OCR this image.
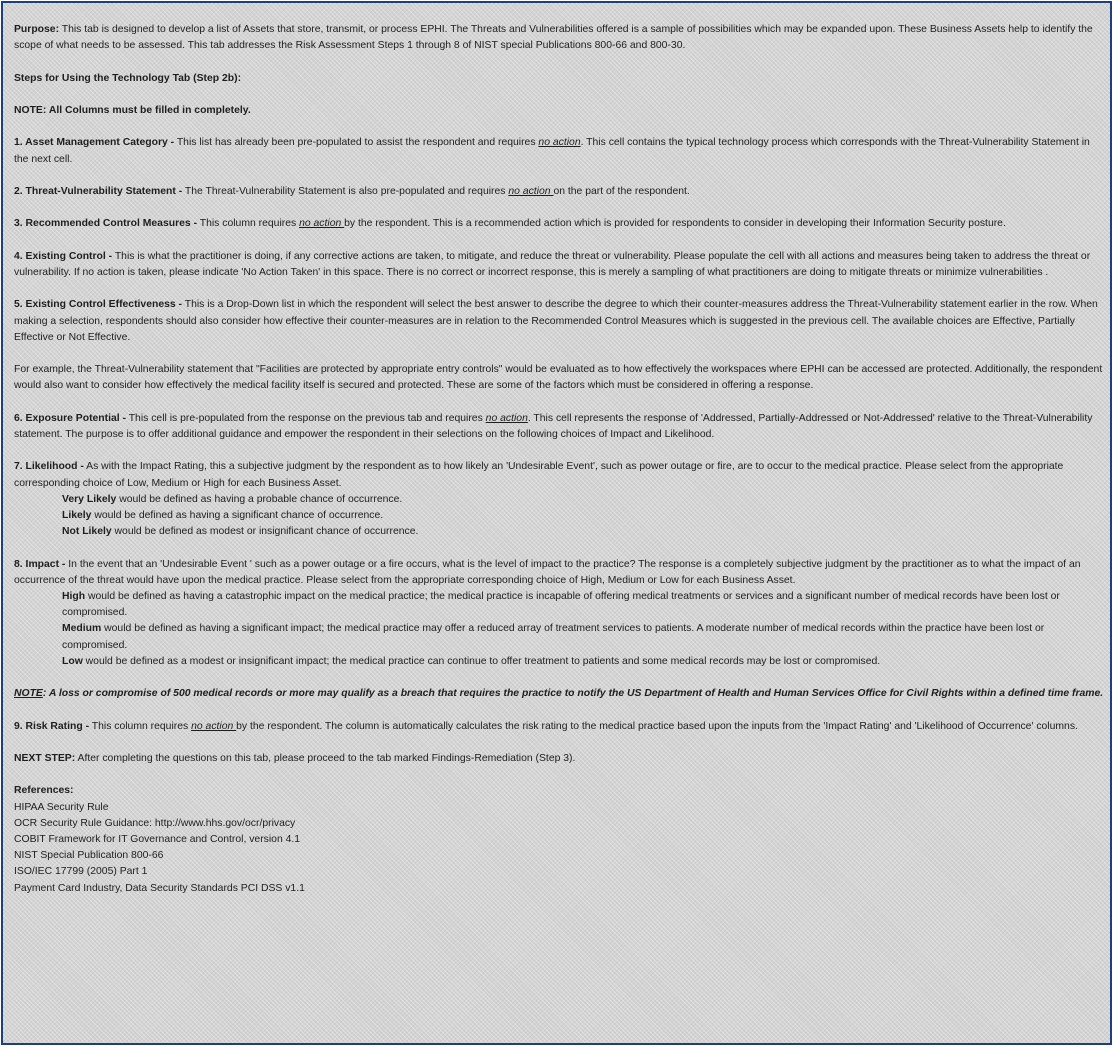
Purpose: This tab is designed to develop a list of Assets that store, transmit, or process EPHI. The Threats and Vulnerabilities offered is a sample of possibilities which may be expanded upon. These Business Assets help to identify the scope of what needs to be assessed. This tab addresses the Risk Assessment Steps 1 through 8 of NIST special Publications 800-66 and 800-30.

Steps for Using the Technology Tab (Step 2b):

NOTE: All Columns must be filled in completely.

1. Asset Management Category - This list has already been pre-populated to assist the respondent and requires no action. This cell contains the typical technology process which corresponds with the Threat-Vulnerability Statement in the next cell.

2. Threat-Vulnerability Statement - The Threat-Vulnerability Statement is also pre-populated and requires no action on the part of the respondent.

3. Recommended Control Measures - This column requires no action by the respondent. This is a recommended action which is provided for respondents to consider in developing their Information Security posture.

4. Existing Control - This is what the practitioner is doing, if any corrective actions are taken, to mitigate, and reduce the threat or vulnerability. Please populate the cell with all actions and measures being taken to address the threat or vulnerability. If no action is taken, please indicate 'No Action Taken' in this space. There is no correct or incorrect response, this is merely a sampling of what practitioners are doing to mitigate threats or minimize vulnerabilities .

5. Existing Control Effectiveness - This is a Drop-Down list in which the respondent will select the best answer to describe the degree to which their counter-measures address the Threat-Vulnerability statement earlier in the row. When making a selection, respondents should also consider how effective their counter-measures are in relation to the Recommended Control Measures which is suggested in the previous cell. The available choices are Effective, Partially Effective or Not Effective.

For example, the Threat-Vulnerability statement that "Facilities are protected by appropriate entry controls" would be evaluated as to how effectively the workspaces where EPHI can be accessed are protected. Additionally, the respondent would also want to consider how effectively the medical facility itself is secured and protected. These are some of the factors which must be considered in offering a response.

6. Exposure Potential - This cell is pre-populated from the response on the previous tab and requires no action. This cell represents the response of 'Addressed, Partially-Addressed or Not-Addressed' relative to the Threat-Vulnerability statement. The purpose is to offer additional guidance and empower the respondent in their selections on the following choices of Impact and Likelihood.

7. Likelihood - As with the Impact Rating, this a subjective judgment by the respondent as to how likely an 'Undesirable Event', such as power outage or fire, are to occur to the medical practice. Please select from the appropriate corresponding choice of Low, Medium or High for each Business Asset.

Very Likely would be defined as having a probable chance of occurrence.

Likely would be defined as having a significant chance of occurrence.

Not Likely would be defined as modest or insignificant chance of occurrence.

8. Impact - In the event that an 'Undesirable Event ' such as a power outage or a fire occurs, what is the level of impact to the practice? The response is a completely subjective judgment by the practitioner as to what the impact of an occurrence of the threat would have upon the medical practice. Please select from the appropriate corresponding choice of High, Medium or Low for each Business Asset.

High would be defined as having a catastrophic impact on the medical practice; the medical practice is incapable of offering medical treatments or services and a significant number of medical records have been lost or compromised.

Medium would be defined as having a significant impact; the medical practice may offer a reduced array of treatment services to patients. A moderate number of medical records within the practice have been lost or compromised.

Low would be defined as a modest or insignificant impact; the medical practice can continue to offer treatment to patients and some medical records may be lost or compromised.

NOTE: A loss or compromise of 500 medical records or more may qualify as a breach that requires the practice to notify the US Department of Health and Human Services Office for Civil Rights within a defined time frame.

9. Risk Rating - This column requires no action by the respondent. The column is automatically calculates the risk rating to the medical practice based upon the inputs from the 'Impact Rating' and 'Likelihood of Occurrence' columns.

NEXT STEP: After completing the questions on this tab, please proceed to the tab marked Findings-Remediation (Step 3).

References:
HIPAA Security Rule
OCR Security Rule Guidance: http://www.hhs.gov/ocr/privacy
COBIT Framework for IT Governance and Control, version 4.1
NIST Special Publication 800-66
ISO/IEC 17799 (2005) Part 1
Payment Card Industry, Data Security Standards PCI DSS v1.1
